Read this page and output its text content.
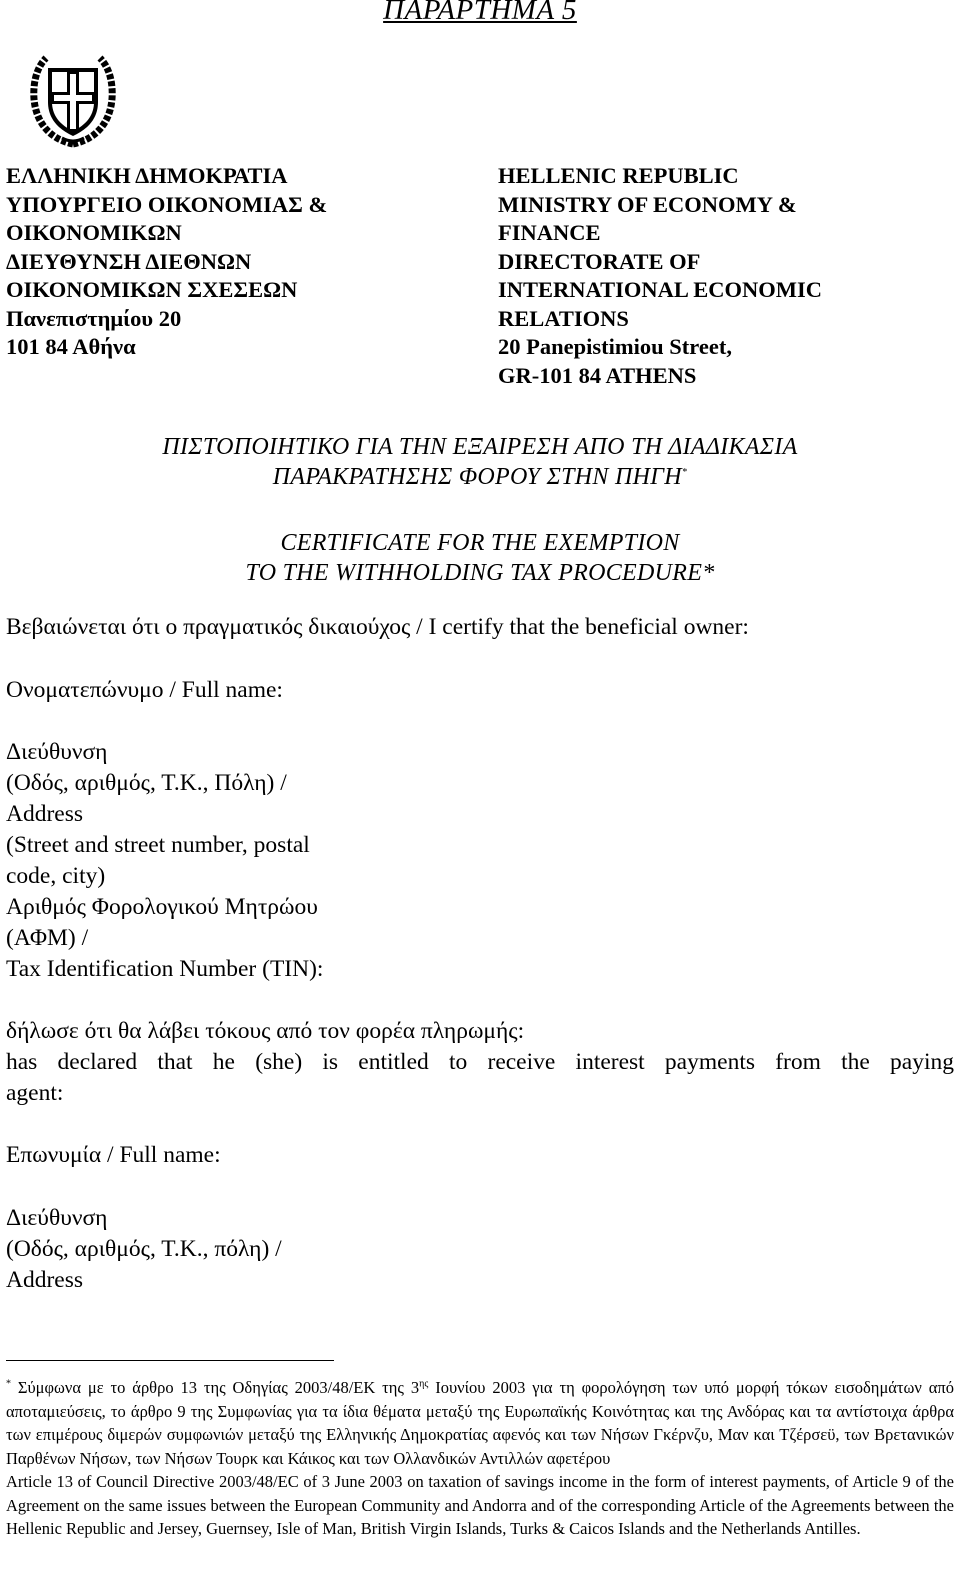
ΠΑΡΑΡΤΗΜΑ 5
ΕΛΛΗΝΙΚΗ ΔΗΜΟΚΡΑΤΙΑ
ΥΠΟΥΡΓΕΙΟ ΟΙΚΟΝΟΜΙΑΣ &
ΟΙΚΟΝΟΜΙΚΩΝ
ΔΙΕΥΘΥΝΣΗ ΔΙΕΘΝΩΝ
ΟΙΚΟΝΟΜΙΚΩΝ ΣΧΕΣΕΩΝ
Πανεπιστημίου 20
101 84 Αθήνα
HELLENIC REPUBLIC
MINISTRY OF ECONOMY &
FINANCE
DIRECTORATE OF
INTERNATIONAL ECONOMIC
RELATIONS
20 Panepistimiou Street,
GR-101 84 ATHENS
ΠΙΣΤΟΠΟΙΗΤΙΚΟ ΓΙΑ ΤΗΝ ΕΞΑΙΡΕΣΗ ΑΠΟ ΤΗ ΔΙΑΔΙΚΑΣΙΑ
ΠΑΡΑΚΡΑΤΗΣΗΣ ΦΟΡΟΥ ΣΤΗΝ ΠΗΓΗ*
CERTIFICATE FOR THE EXEMPTION
TO THE WITHHOLDING TAX PROCEDURE*
Βεβαιώνεται ότι ο πραγματικός δικαιούχος / I certify that the beneficial owner:
Ονοματεπώνυμο / Full name:
Διεύθυνση
(Οδός, αριθμός, Τ.Κ., Πόλη) /
Address
(Street and street number, postal
code, city)
Αριθμός Φορολογικού Μητρώου
(ΑΦΜ) /
Tax Identification Number (TIN):
δήλωσε ότι θα λάβει τόκους από τον φορέα πληρωμής:
has declared that he (she) is entitled to receive interest payments from the paying
agent:
Επωνυμία / Full name:
Διεύθυνση
(Οδός, αριθμός, Τ.Κ., πόλη) /
Address

* Σύμφωνα με το άρθρο 13 της Οδηγίας 2003/48/ΕΚ της $3^{\eta\varsigma}$ Ιουνίου 2003 για τη φορολόγηση των υπό μορφή τόκων εισοδημάτων από αποταμιεύσεις, το άρθρο 9 της Συμφωνίας για τα ίδια θέματα μεταξύ της Ευρωπαϊκής Κοινότητας και της Ανδόρας και τα αντίστοιχα άρθρα των επιμέρους διμερών συμφωνιών μεταξύ της Ελληνικής Δημοκρατίας αφενός και των Νήσων Γκέρνζυ, Μαν και Τζέρσεϋ, των Βρετανικών Παρθένων Νήσων, των Νήσων Τουρκ και Κάικος και των Ολλανδικών Αντιλλών αφετέρου

Article 13 of Council Directive 2003/48/EC of 3 June 2003 on taxation of savings income in the form of interest payments, of Article 9 of the Agreement on the same issues between the European Community and Andorra and of the corresponding Article of the Agreements between the Hellenic Republic and Jersey, Guernsey, Isle of Man, British Virgin Islands, Turks & Caicos Islands and the Netherlands Antilles.
